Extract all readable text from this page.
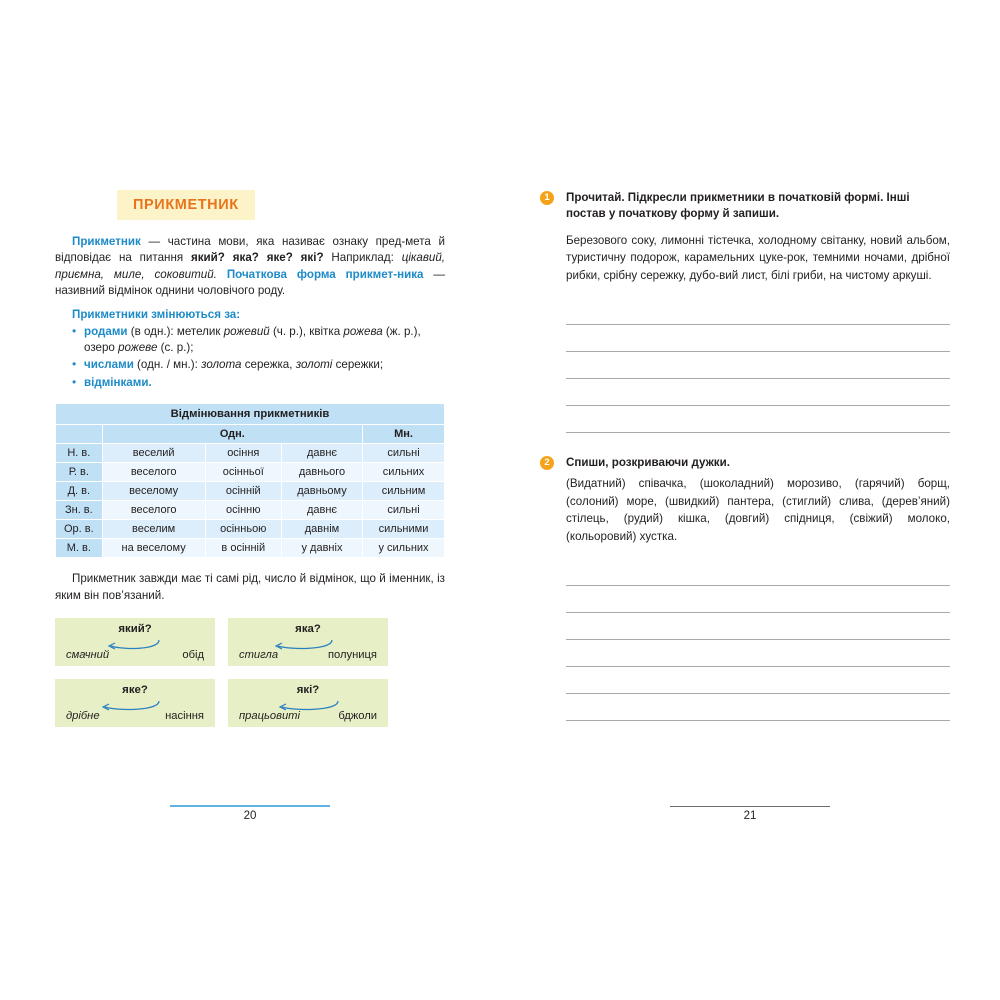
ПРИКМЕТНИК

Прикметник — частина мови, яка називає ознаку пред-мета й відповідає на питання який? яка? яке? які? Наприклад: цікавий, приємна, миле, соковитий. Початкова форма прикмет-ника — називний відмінок однини чоловічого роду.

Прикметники змінюються за:
• родами (в одн.): метелик рожевий (ч. р.), квітка рожева (ж. р.), озеро рожеве (с. р.);
• числами (одн. / мн.): золота сережка, золоті сережки;
• відмінками.
Відмінювання прикметників				
	Одн.			Мн.
Н. в.	веселий	осіння	давнє	сильні
Р. в.	веселого	осінньої	давнього	сильних
Д. в.	веселому	осінній	давньому	сильним
Зн. в.	веселого	осінню	давнє	сильні
Ор. в.	веселим	осінньою	давнім	сильними
М. в.	на веселому	в осінній	у давніх	у сильних

Прикметник завжди має ті самі рід, число й відмінок, що й іменник, із яким він пов’язаний.

який?
смачний	обід
яка?
стигла	полуниця
яке?
дрібне	насіння
які?
працьовиті	бджоли
20
1	Прочитай. Підкресли прикметники в початковій формі. Інші постав у початкову форму й запиши.

Березового соку, лимонні тістечка, холодному світанку, новий альбом, туристичну подорож, карамельних цуке-рок, темними ночами, дрібної рибки, срібну сережку, дубо-вий лист, білі гриби, на чистому аркуші.

2	Спиши, розкриваючи дужки.

(Видатний) співачка, (шоколадний) морозиво, (гарячий) борщ, (солоний) море, (швидкий) пантера, (стиглий) слива, (дерев’яний) стілець, (рудий) кішка, (довгий) спідниця, (свіжий) молоко, (кольоровий) хустка.

21
